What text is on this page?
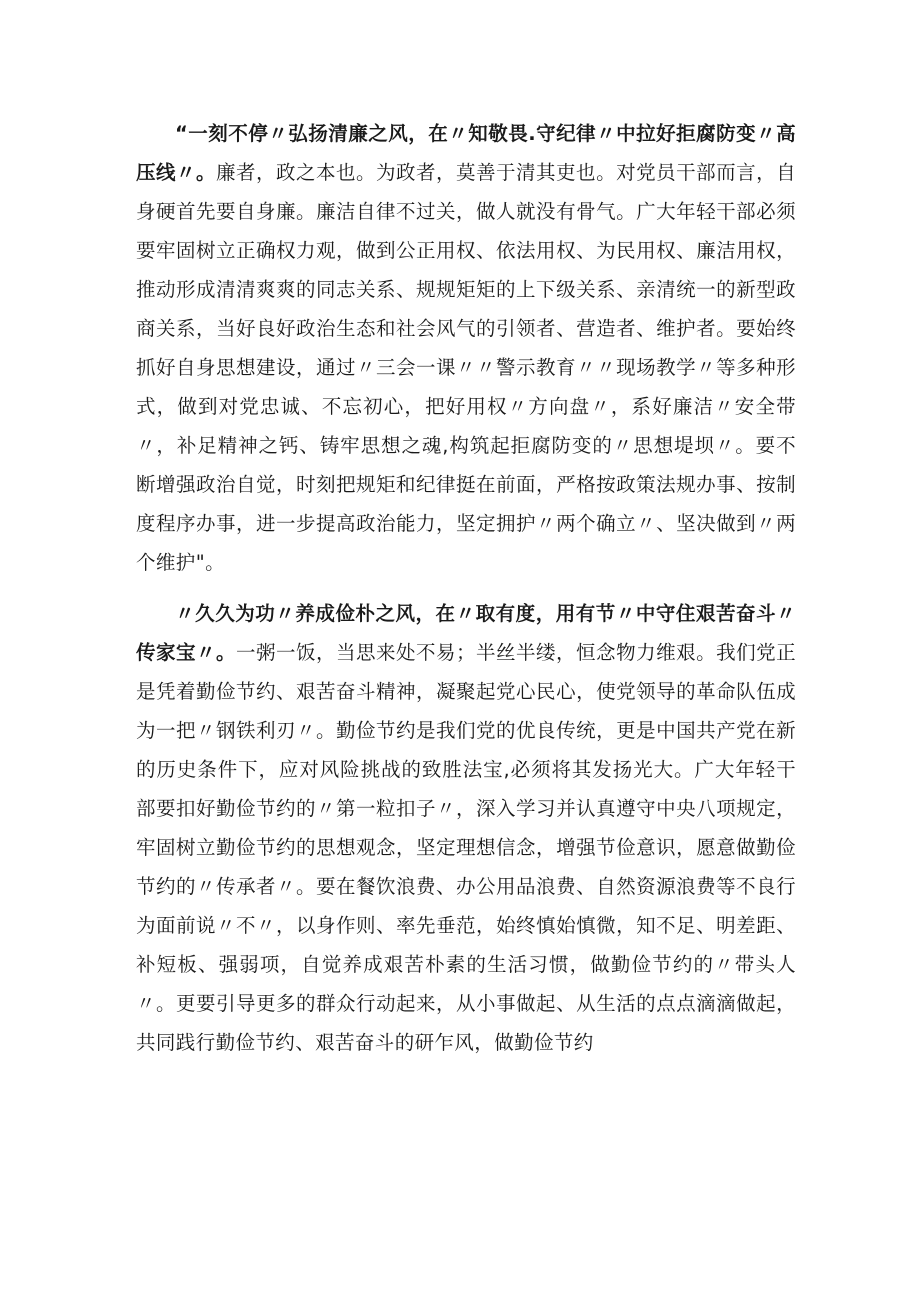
“一刻不停〃弘扬清廉之风，在〃知敬畏.守纪律〃中拉好拒腐防变〃高压线〃。廉者，政之本也。为政者，莫善于清其吏也。对党员干部而言，自身硬首先要自身廉。廉洁自律不过关，做人就没有骨气。广大年轻干部必须要牢固树立正确权力观，做到公正用权、依法用权、为民用权、廉洁用权，推动形成清清爽爽的同志关系、规规矩矩的上下级关系、亲清统一的新型政商关系，当好良好政治生态和社会风气的引领者、营造者、维护者。要始终抓好自身思想建设，通过〃三会一课〃〃警示教育〃〃现场教学〃等多种形式，做到对党忠诚、不忘初心，把好用权〃方向盘〃，系好廉洁〃安全带〃，补足精神之钙、铸牢思想之魂,构筑起拒腐防变的〃思想堤坝〃。要不断增强政治自觉，时刻把规矩和纪律挺在前面，严格按政策法规办事、按制度程序办事，进一步提高政治能力，坚定拥护〃两个确立〃、坚决做到〃两个维护"。

〃久久为功〃养成俭朴之风，在〃取有度，用有节〃中守住艰苦奋斗〃传家宝〃。一粥一饭，当思来处不易；半丝半缕，恒念物力维艰。我们党正是凭着勤俭节约、艰苦奋斗精神，凝聚起党心民心，使党领导的革命队伍成为一把〃钢铁利刃〃。勤俭节约是我们党的优良传统，更是中国共产党在新的历史条件下，应对风险挑战的致胜法宝,必须将其发扬光大。广大年轻干部要扣好勤俭节约的〃第一粒扣子〃，深入学习并认真遵守中央八项规定，牢固树立勤俭节约的思想观念，坚定理想信念，增强节俭意识，愿意做勤俭节约的〃传承者〃。要在餐饮浪费、办公用品浪费、自然资源浪费等不良行为面前说〃不〃，以身作则、率先垂范，始终慎始慎微，知不足、明差距、补短板、强弱项，自觉养成艰苦朴素的生活习惯，做勤俭节约的〃带头人〃。更要引导更多的群众行动起来，从小事做起、从生活的点点滴滴做起，共同践行勤俭节约、艰苦奋斗的研乍风，做勤俭节约
